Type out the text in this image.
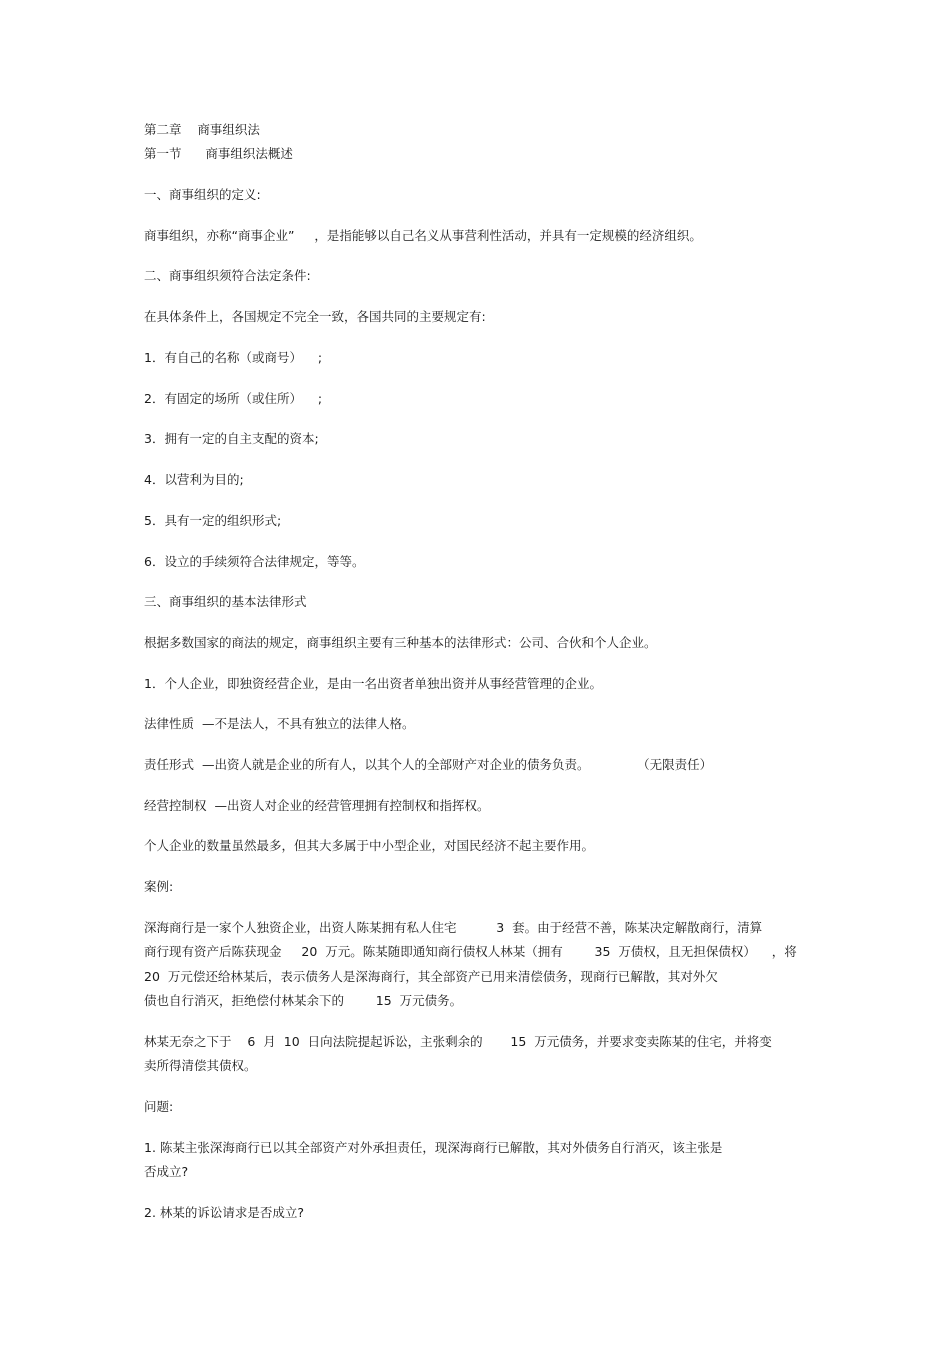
第二章    商事组织法
第一节      商事组织法概述
一、商事组织的定义:
商事组织，亦称“商事企业”     ，是指能够以自己名义从事营利性活动，并具有一定规模的经济组织。
二、商事组织须符合法定条件:
在具体条件上，各国规定不完全一致，各国共同的主要规定有:
1．有自己的名称（或商号）    ;
2．有固定的场所（或住所）    ;
3．拥有一定的自主支配的资本;
4．以营利为目的;
5．具有一定的组织形式;
6．设立的手续须符合法律规定，等等。
三、商事组织的基本法律形式
根据多数国家的商法的规定，商事组织主要有三种基本的法律形式：公司、合伙和个人企业。
1．个人企业，即独资经营企业，是由一名出资者单独出资并从事经营管理的企业。
法律性质  —不是法人，不具有独立的法律人格。
责任形式  —出资人就是企业的所有人，以其个人的全部财产对企业的债务负责。            （无限责任）
经营控制权  —出资人对企业的经营管理拥有控制权和指挥权。
个人企业的数量虽然最多，但其大多属于中小型企业，对国民经济不起主要作用。
案例:
深海商行是一家个人独资企业，出资人陈某拥有私人住宅          3  套。由于经营不善，陈某决定解散商行，清算
商行现有资产后陈获现金     20  万元。陈某随即通知商行债权人林某（拥有        35  万债权，且无担保债权）    ，将
20  万元偿还给林某后，表示债务人是深海商行，其全部资产已用来清偿债务，现商行已解散，其对外欠
债也自行消灭，拒绝偿付林某余下的        15  万元债务。
林某无奈之下于    6  月  10  日向法院提起诉讼，主张剩余的       15  万元债务，并要求变卖陈某的住宅，并将变
卖所得清偿其债权。
问题:
1. 陈某主张深海商行已以其全部资产对外承担责任，现深海商行已解散，其对外债务自行消灭，该主张是
否成立?
2. 林某的诉讼请求是否成立?
